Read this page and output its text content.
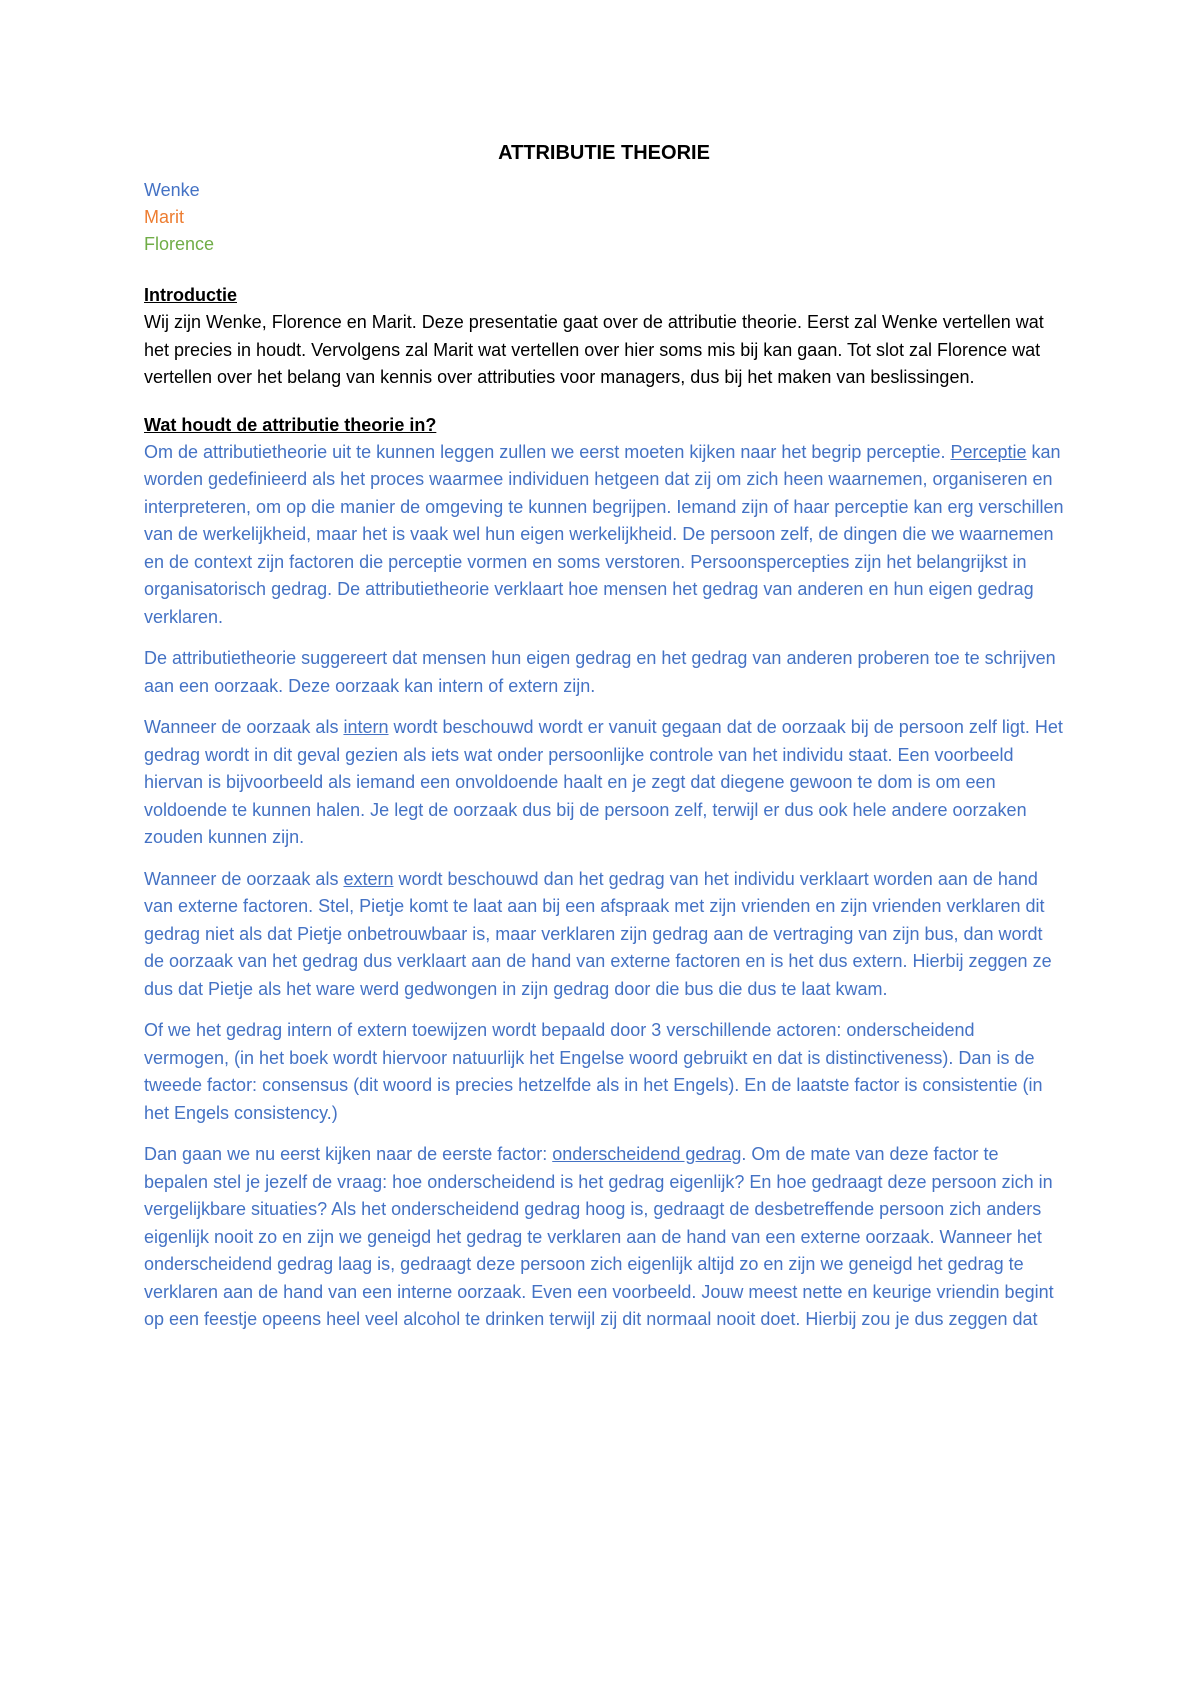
ATTRIBUTIE THEORIE
Wenke
Marit
Florence
Introductie

Wij zijn Wenke, Florence en Marit. Deze presentatie gaat over de attributie theorie. Eerst zal Wenke vertellen wat het precies in houdt. Vervolgens zal Marit wat vertellen over hier soms mis bij kan gaan. Tot slot zal Florence wat vertellen over het belang van kennis over attributies voor managers, dus bij het maken van beslissingen.

Wat houdt de attributie theorie in?

Om de attributietheorie uit te kunnen leggen zullen we eerst moeten kijken naar het begrip perceptie. Perceptie kan worden gedefinieerd als het proces waarmee individuen hetgeen dat zij om zich heen waarnemen, organiseren en interpreteren, om op die manier de omgeving te kunnen begrijpen. Iemand zijn of haar perceptie kan erg verschillen van de werkelijkheid, maar het is vaak wel hun eigen werkelijkheid. De persoon zelf, de dingen die we waarnemen en de context zijn factoren die perceptie vormen en soms verstoren. Persoonspercepties zijn het belangrijkst in organisatorisch gedrag. De attributietheorie verklaart hoe mensen het gedrag van anderen en hun eigen gedrag verklaren.

De attributietheorie suggereert dat mensen hun eigen gedrag en het gedrag van anderen proberen toe te schrijven aan een oorzaak. Deze oorzaak kan intern of extern zijn.

Wanneer de oorzaak als intern wordt beschouwd wordt er vanuit gegaan dat de oorzaak bij de persoon zelf ligt. Het gedrag wordt in dit geval gezien als iets wat onder persoonlijke controle van het individu staat. Een voorbeeld hiervan is bijvoorbeeld als iemand een onvoldoende haalt en je zegt dat diegene gewoon te dom is om een voldoende te kunnen halen. Je legt de oorzaak dus bij de persoon zelf, terwijl er dus ook hele andere oorzaken zouden kunnen zijn.

Wanneer de oorzaak als extern wordt beschouwd dan het gedrag van het individu verklaart worden aan de hand van externe factoren. Stel, Pietje komt te laat aan bij een afspraak met zijn vrienden en zijn vrienden verklaren dit gedrag niet als dat Pietje onbetrouwbaar is, maar verklaren zijn gedrag aan de vertraging van zijn bus, dan wordt de oorzaak van het gedrag dus verklaart aan de hand van externe factoren en is het dus extern. Hierbij zeggen ze dus dat Pietje als het ware werd gedwongen in zijn gedrag door die bus die dus te laat kwam.

Of we het gedrag intern of extern toewijzen wordt bepaald door 3 verschillende actoren: onderscheidend vermogen, (in het boek wordt hiervoor natuurlijk het Engelse woord gebruikt en dat is distinctiveness). Dan is de tweede factor: consensus (dit woord is precies hetzelfde als in het Engels). En de laatste factor is consistentie (in het Engels consistency.)

Dan gaan we nu eerst kijken naar de eerste factor: onderscheidend gedrag. Om de mate van deze factor te bepalen stel je jezelf de vraag: hoe onderscheidend is het gedrag eigenlijk? En hoe gedraagt deze persoon zich in vergelijkbare situaties? Als het onderscheidend gedrag hoog is, gedraagt de desbetreffende persoon zich anders eigenlijk nooit zo en zijn we geneigd het gedrag te verklaren aan de hand van een externe oorzaak. Wanneer het onderscheidend gedrag laag is, gedraagt deze persoon zich eigenlijk altijd zo en zijn we geneigd het gedrag te verklaren aan de hand van een interne oorzaak. Even een voorbeeld. Jouw meest nette en keurige vriendin begint op een feestje opeens heel veel alcohol te drinken terwijl zij dit normaal nooit doet. Hierbij zou je dus zeggen dat
